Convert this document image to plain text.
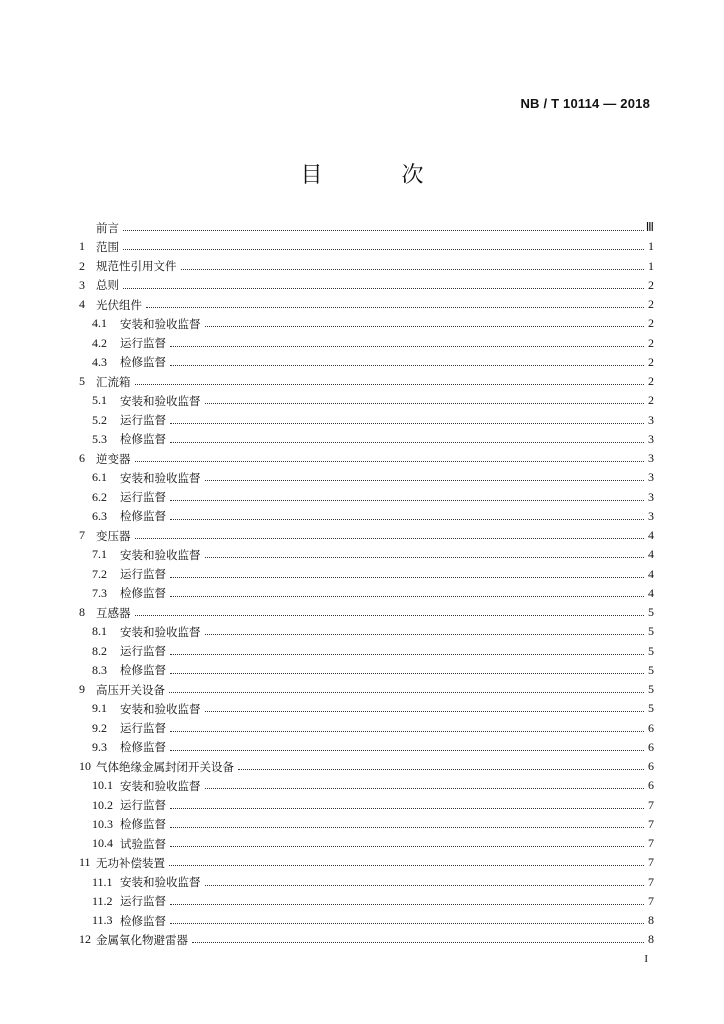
NB / T 10114 — 2018
目 次
前言	Ⅲ
1 范围	1
2 规范性引用文件	1
3 总则	2
4 光伏组件	2
4.1	安装和验收监督	2
4.2	运行监督	2
4.3	检修监督	2
5 汇流箱	2
5.1	安装和验收监督	2
5.2	运行监督	3
5.3	检修监督	3
6 逆变器	3
6.1	安装和验收监督	3
6.2	运行监督	3
6.3	检修监督	3
7 变压器	4
7.1	安装和验收监督	4
7.2	运行监督	4
7.3	检修监督	4
8 互感器	5
8.1	安装和验收监督	5
8.2	运行监督	5
8.3	检修监督	5
9 高压开关设备	5
9.1	安装和验收监督	5
9.2	运行监督	6
9.3	检修监督	6
10 气体绝缘金属封闭开关设备	6
10.1 安装和验收监督	6
10.2 运行监督	7
10.3 检修监督	7
10.4 试验监督	7
11 无功补偿装置	7
11.1 安装和验收监督	7
11.2 运行监督	7
11.3 检修监督	8
12 金属氧化物避雷器	8
I
